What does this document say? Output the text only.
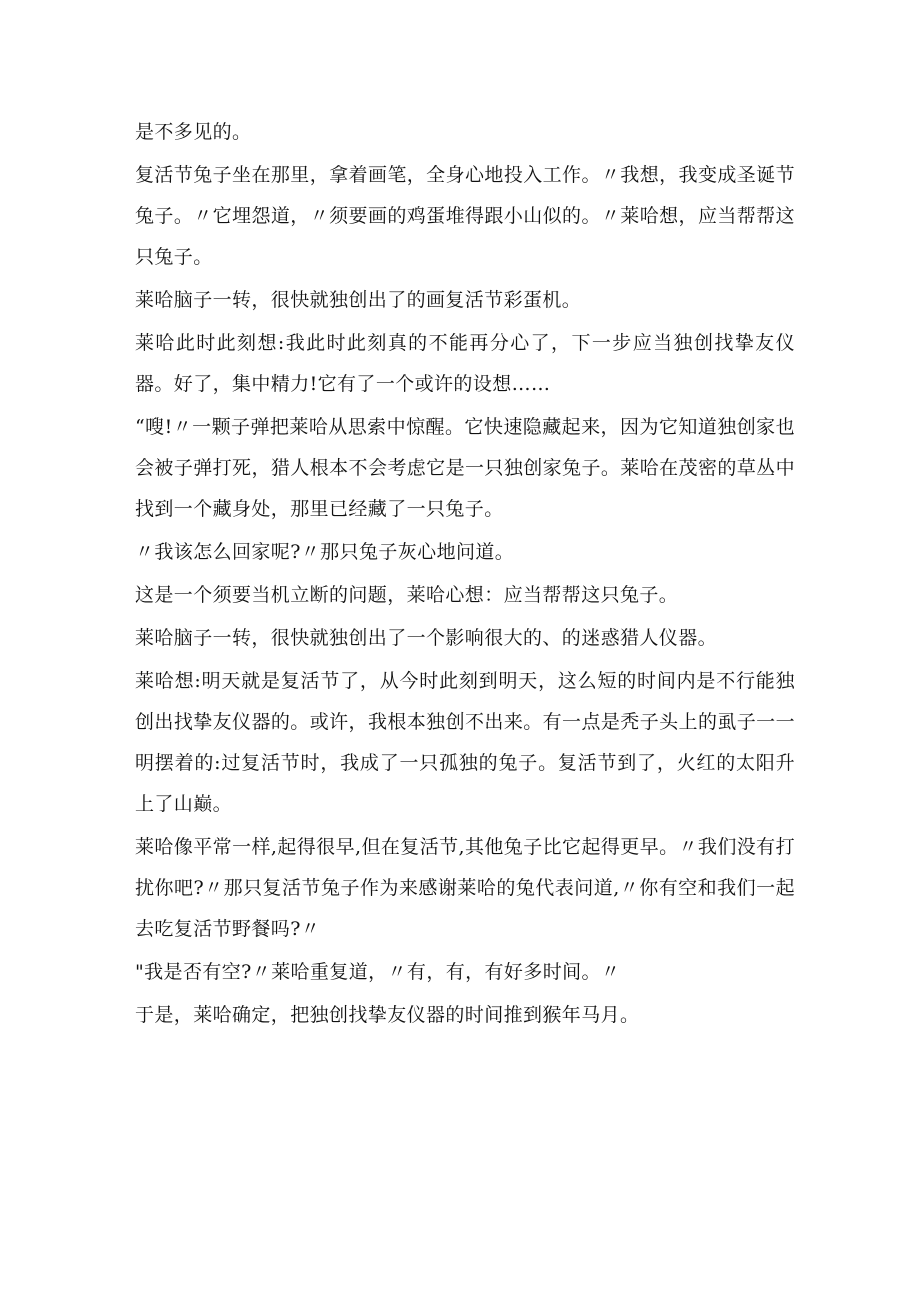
是不多见的。

复活节兔子坐在那里，拿着画笔，全身心地投入工作。〃我想，我变成圣诞节兔子。〃它埋怨道，〃须要画的鸡蛋堆得跟小山似的。〃莱哈想，应当帮帮这只兔子。

莱哈脑子一转，很快就独创出了的画复活节彩蛋机。

莱哈此时此刻想:我此时此刻真的不能再分心了，下一步应当独创找挚友仪器。好了，集中精力!它有了一个或许的设想……

“嗖!〃一颗子弹把莱哈从思索中惊醒。它快速隐藏起来，因为它知道独创家也会被子弹打死，猎人根本不会考虑它是一只独创家兔子。莱哈在茂密的草丛中找到一个藏身处，那里已经藏了一只兔子。

〃我该怎么回家呢?〃那只兔子灰心地问道。

这是一个须要当机立断的问题，莱哈心想：应当帮帮这只兔子。

莱哈脑子一转，很快就独创出了一个影响很大的、的迷惑猎人仪器。

莱哈想:明天就是复活节了，从今时此刻到明天，这么短的时间内是不行能独创出找挚友仪器的。或许，我根本独创不出来。有一点是秃子头上的虱子一一明摆着的:过复活节时，我成了一只孤独的兔子。复活节到了，火红的太阳升上了山巅。

莱哈像平常一样,起得很早,但在复活节,其他兔子比它起得更早。〃我们没有打扰你吧?〃那只复活节兔子作为来感谢莱哈的兔代表问道,〃你有空和我们一起去吃复活节野餐吗?〃

"我是否有空?〃莱哈重复道，〃有，有，有好多时间。〃

于是，莱哈确定，把独创找挚友仪器的时间推到猴年马月。
